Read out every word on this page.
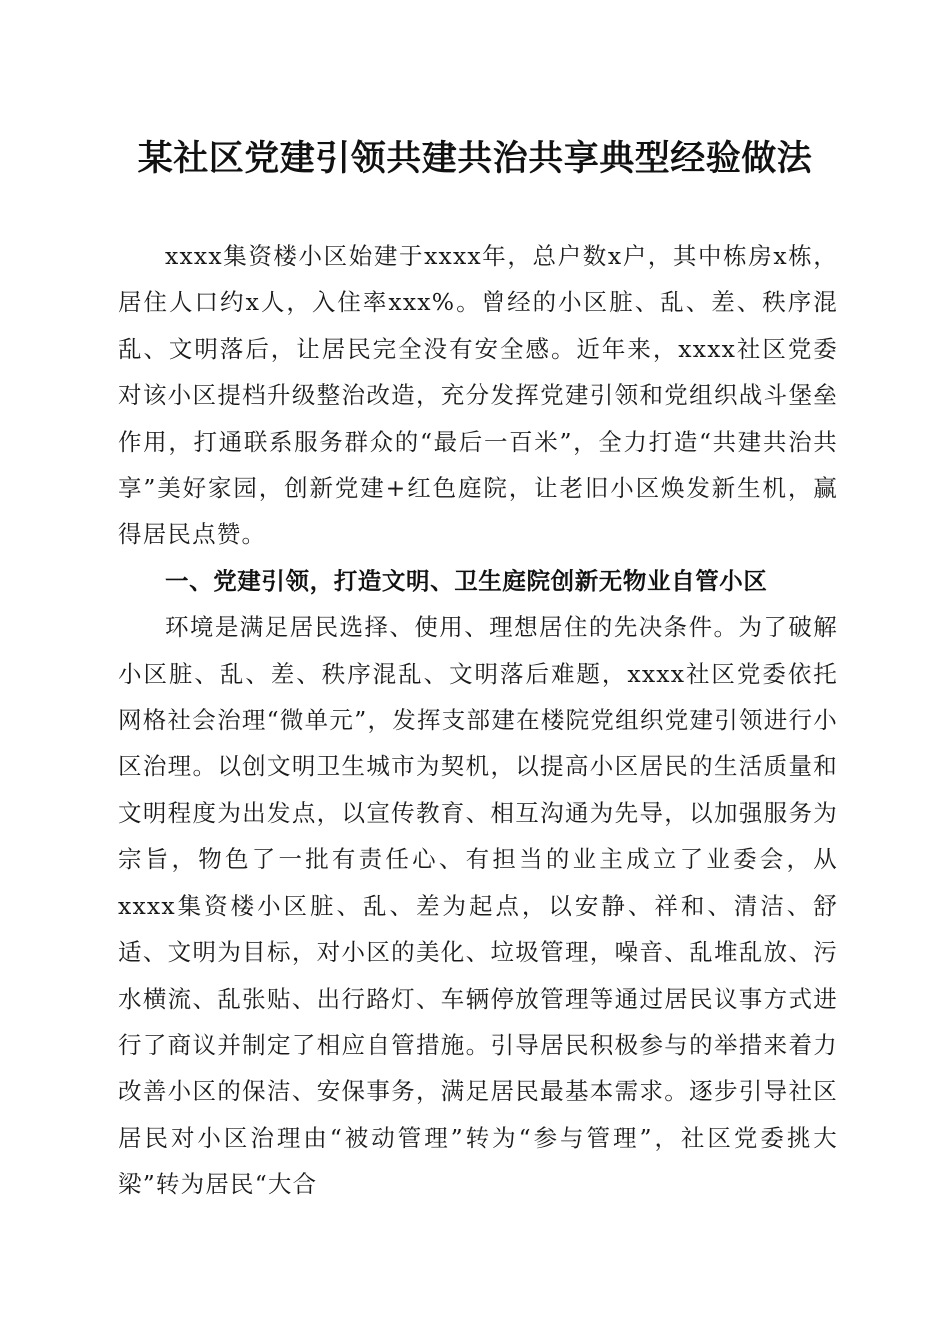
某社区党建引领共建共治共享典型经验做法

xxxx集资楼小区始建于xxxx年，总户数x户，其中栋房x栋，居住人口约x人，入住率xxx%。曾经的小区脏、乱、差、秩序混乱、文明落后，让居民完全没有安全感。近年来，xxxx社区党委对该小区提档升级整治改造，充分发挥党建引领和党组织战斗堡垒作用，打通联系服务群众的“最后一百米”，全力打造“共建共治共享”美好家园，创新党建+红色庭院，让老旧小区焕发新生机，赢得居民点赞。

一、党建引领，打造文明、卫生庭院创新无物业自管小区

环境是满足居民选择、使用、理想居住的先决条件。为了破解小区脏、乱、差、秩序混乱、文明落后难题，xxxx社区党委依托网格社会治理“微单元”，发挥支部建在楼院党组织党建引领进行小区治理。以创文明卫生城市为契机，以提高小区居民的生活质量和文明程度为出发点，以宣传教育、相互沟通为先导，以加强服务为宗旨，物色了一批有责任心、有担当的业主成立了业委会，从xxxx集资楼小区脏、乱、差为起点，以安静、祥和、清洁、舒适、文明为目标，对小区的美化、垃圾管理，噪音、乱堆乱放、污水横流、乱张贴、出行路灯、车辆停放管理等通过居民议事方式进行了商议并制定了相应自管措施。引导居民积极参与的举措来着力改善小区的保洁、安保事务，满足居民最基本需求。逐步引导社区居民对小区治理由“被动管理”转为“参与管理”，社区党委挑大梁”转为居民“大合
